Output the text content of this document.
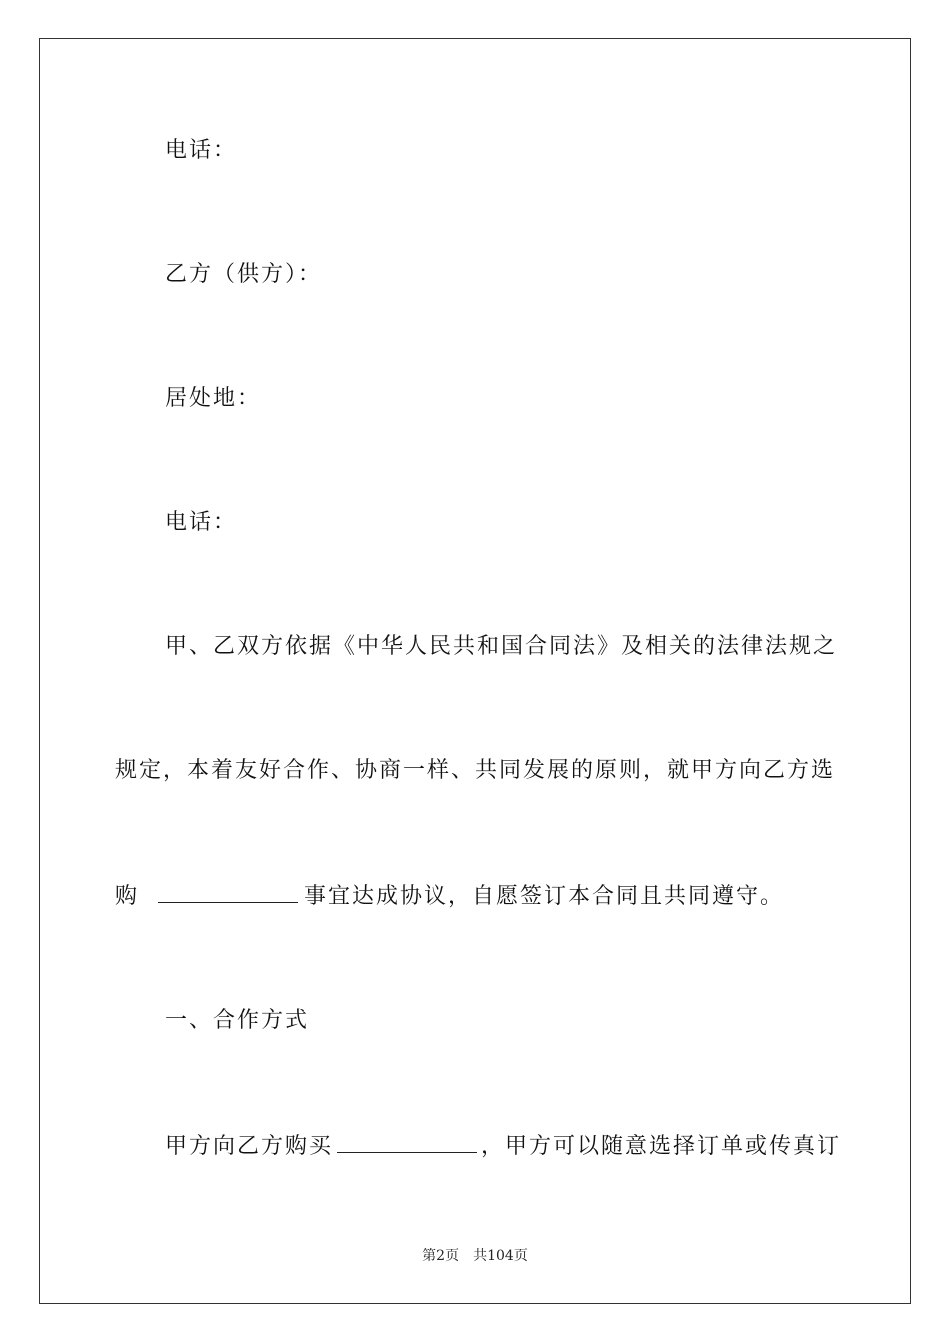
电话：
乙方（供方）：
居处地：
电话：
甲、乙双方依据《中华人民共和国合同法》及相关的法律法规之
规定，本着友好合作、协商一样、共同发展的原则，就甲方向乙方选
购	事宜达成协议，自愿签订本合同且共同遵守。
一、合作方式
甲方向乙方购买	，甲方可以随意选择订单或传真订
第2页 共104页
